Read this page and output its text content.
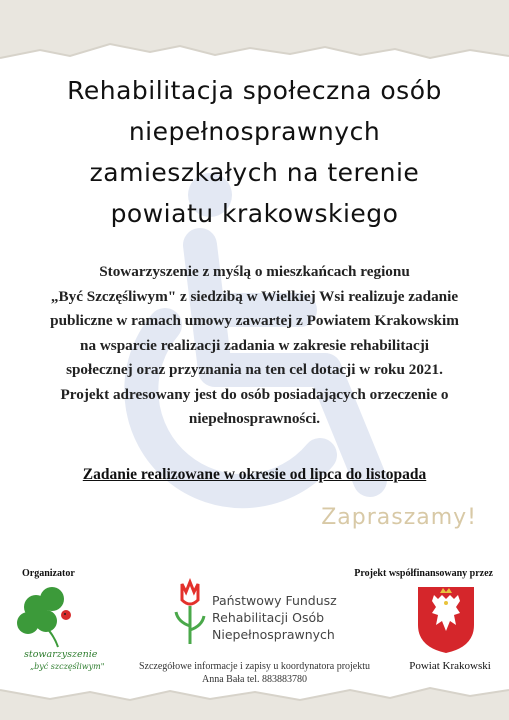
Rehabilitacja społeczna osób
niepełnosprawnych
zamieszkałych na terenie
powiatu krakowskiego
Stowarzyszenie z myślą o mieszkańcach regionu
„Być Szczęśliwym" z siedzibą w Wielkiej Wsi realizuje zadanie
publiczne w ramach umowy zawartej z Powiatem Krakowskim
na wsparcie realizacji zadania w zakresie rehabilitacji
społecznej oraz przyznania na ten cel dotacji w roku 2021.
Projekt adresowany jest do osób posiadających orzeczenie o
niepełnosprawności.
Zadanie realizowane w okresie od lipca do listopada
Zapraszamy!
Organizator	Projekt współfinansowany przez
stowarzyszenie
„być szczęśliwym"
Państwowy Fundusz
Rehabilitacji Osób
Niepełnosprawnych
Szczegółowe informacje i zapisy u koordynatora projektu
Anna Bała tel. 883883780
Powiat Krakowski
